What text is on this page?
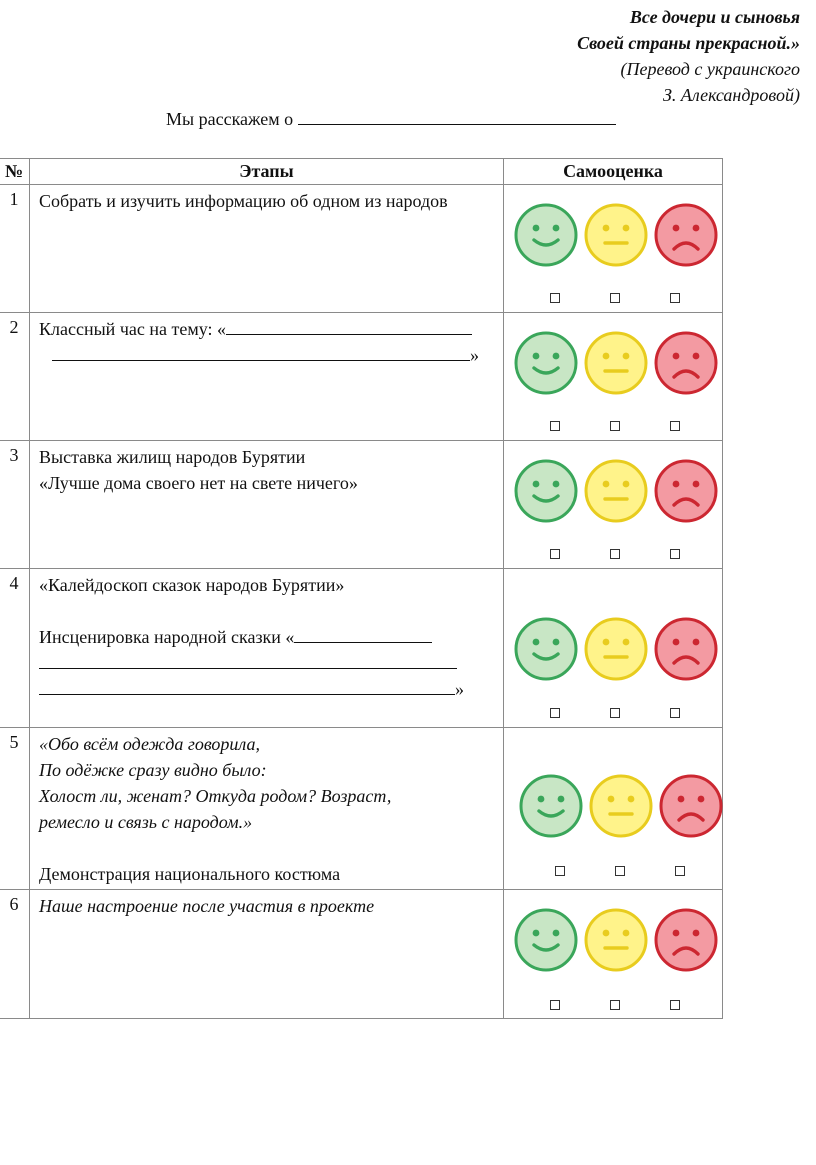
Все дочери и сыновья
Своей страны прекрасной.»
(Перевод с украинского
З. Александровой)
Мы расскажем о
№	Этапы	Самооценка
1	Собрать и изучить информацию об одном из народов

2	Классный час на тему: «
»

3	Выставка жилищ народов Бурятии
«Лучше дома своего нет на свете ничего»

4	«Калейдоскоп сказок народов Бурятии»
Инсценировка народной сказки «
»

5	«Обо всём одежда говорила,
По одёжке сразу видно было:
Холост ли, женат? Откуда родом? Возраст,
ремесло и связь с народом.»
Демонстрация национального костюма

6	Наше настроение после участия в проекте
